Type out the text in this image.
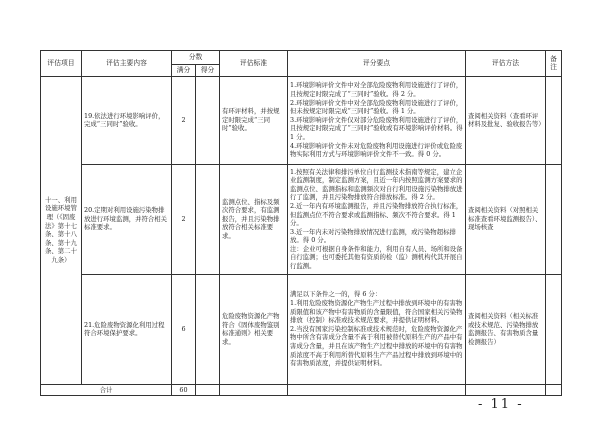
评估项目	评估主要内容	分数		评估标准	评分要点	评估方法	备注
		满分	得分				
十一、利用设施环境管理（《固废法》第十七条、第十八条、第十九条、第二十九条）	19.依法进行环境影响评价，完成“三同时”验收。	2		有环评材料，并按规定时限完成“三同时”验收。	1.环境影响评价文件中对全部危险废物利用设施进行了评价，且按规定时限完成了“三同时”验收。得 2 分。
2.环境影响评价文件中对全部危险废物利用设施进行了评价，但未按规定时限完成“三同时”验收。得 1 分。
3.环境影响评价文件仅对部分危险废物利用设施进行了评价，且按规定时限完成了“三同时”验收或有环境影响评价材料。得 1 分。
4.环境影响评价文件未对危险废物利用设施进行评价或危险废物实际利用方式与环境影响评价文件不一致。得 0 分。	查阅相关资料（查看环评 材料及批复、验收报告等）	
	20.定期对利用设施污染物排放进行环境监测，并符合相关标准要求。	2		监测点位、指标及频次符合要求，有监测报告，并且污染物排放符合相关标准要求。	1.按照有关法律和排污单位自行监测技术指南等规定，建立企业监测制度，制定监测方案，且近一年内按照监测方案要求的监测点位、监测指标和监测频次对自行利用设施污染物排放进行了监测，并且污染物排放符合排放标准。得 2 分。
2.近一年内有环境监测报告，并且污染物排放符合执行标准，但监测点位不符合要求或监测指标、频次不符合要求。得 1 分。
3.近一年内未对污染物排放情况进行监测，或污染物超标排放。得 0 分。
注：企业可根据自身条件和能力，利用自有人员、场所和设备自行监测；也可委托其他有资质的检（监）测机构代其开展自行监测。	查阅相关资料（对照相关标准查看环境监测报告）、现场核查	
	21.危险废物资源化利用过程符合环境保护要求。	6		危险废物资源化产物符合《固体废物鉴别标准通则》相关要求。	满足以下条件之一的，得 6 分：
1.利用危险废物资源化产物生产过程中排放到环境中的有害物质限值和该产物中有害物质的含量限值，符合国家相关污染物排放（控制）标准或技术规范要求，并提供证明材料。
2.当没有国家污染控制标准或技术规范时，危险废物资源化产物中所含有害成分含量不高于利用被替代原料生产的产品中有害成分含量，并且在该产物生产过程中排放的环境中的有害物质浓度不高于利用所替代原料生产产品过程中排放到环境中的有害物质浓度，并提供证明材料。	查阅相关资料（相关标准或技术规范、污染物排放监测报告、有害物质含量检测报告）	
合计		60					
- 11 -
